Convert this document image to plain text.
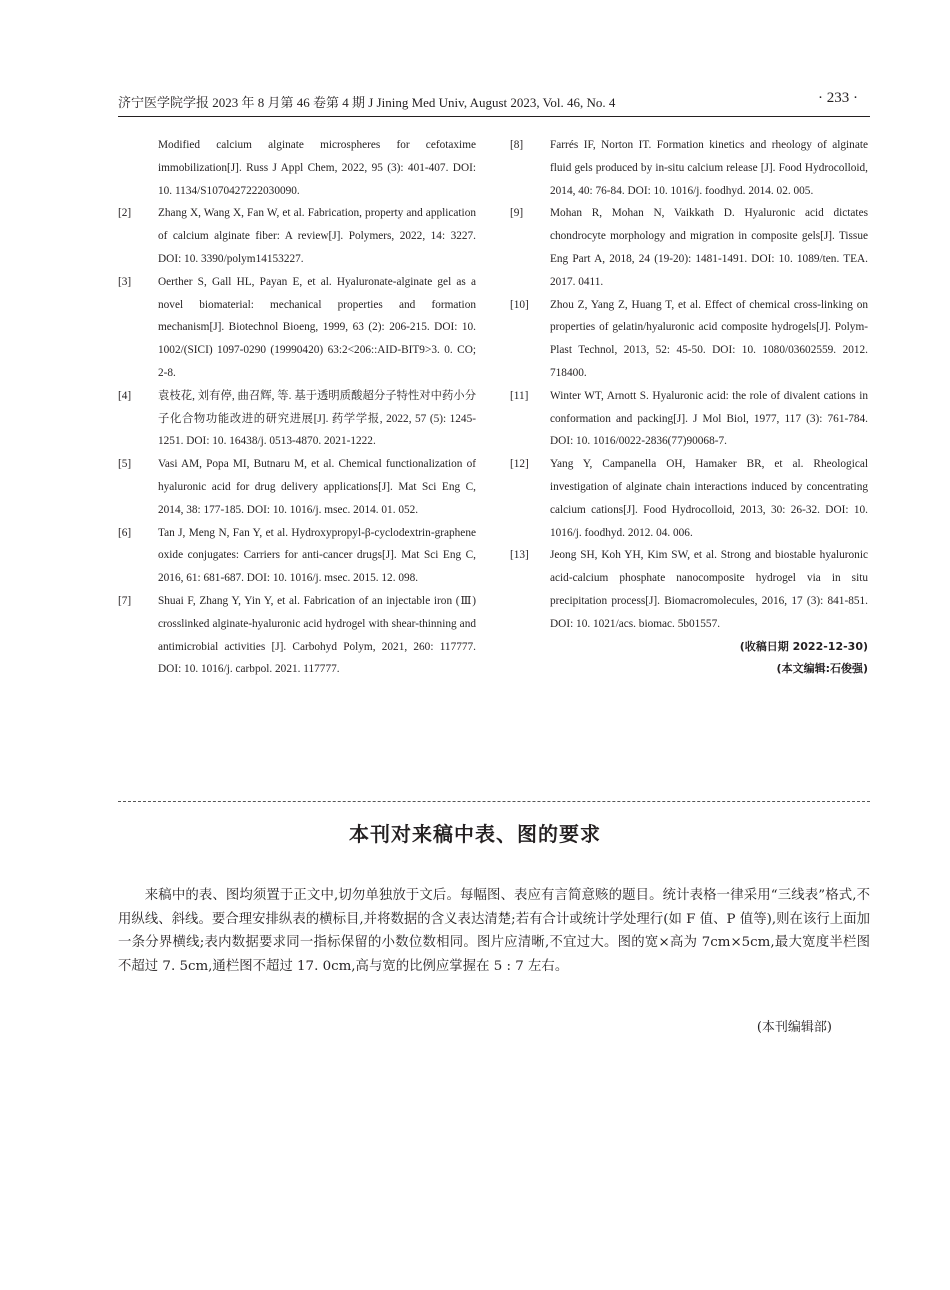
济宁医学院学报 2023 年 8 月第 46 卷第 4 期 J Jining Med Univ, August 2023, Vol. 46, No. 4	· 233 ·
Modified calcium alginate microspheres for cefotaxime immobilization[J]. Russ J Appl Chem, 2022, 95 (3): 401-407. DOI: 10. 1134/S1070427222030090.
[2] Zhang X, Wang X, Fan W, et al. Fabrication, property and application of calcium alginate fiber: A review[J]. Polymers, 2022, 14: 3227. DOI: 10. 3390/polym14153227.
[3] Oerther S, Gall HL, Payan E, et al. Hyaluronate-alginate gel as a novel biomaterial: mechanical properties and formation mechanism[J]. Biotechnol Bioeng, 1999, 63 (2): 206-215. DOI: 10. 1002/(SICI) 1097-0290 (19990420) 63:2<206::AID-BIT9>3. 0. CO; 2-8.
[4] 袁枝花, 刘有停, 曲召辉, 等. 基于透明质酸超分子特性对中药小分子化合物功能改进的研究进展[J]. 药学学报, 2022, 57 (5): 1245-1251. DOI: 10. 16438/j. 0513-4870. 2021-1222.
[5] Vasi AM, Popa MI, Butnaru M, et al. Chemical functionalization of hyaluronic acid for drug delivery applications[J]. Mat Sci Eng C, 2014, 38: 177-185. DOI: 10. 1016/j. msec. 2014. 01. 052.
[6] Tan J, Meng N, Fan Y, et al. Hydroxypropyl-β-cyclodextrin-graphene oxide conjugates: Carriers for anti-cancer drugs[J]. Mat Sci Eng C, 2016, 61: 681-687. DOI: 10. 1016/j. msec. 2015. 12. 098.
[7] Shuai F, Zhang Y, Yin Y, et al. Fabrication of an injectable iron (Ⅲ) crosslinked alginate-hyaluronic acid hydrogel with shear-thinning and antimicrobial activities [J]. Carbohyd Polym, 2021, 260: 117777. DOI: 10. 1016/j. carbpol. 2021. 117777.
[8] Farrés IF, Norton IT. Formation kinetics and rheology of alginate fluid gels produced by in-situ calcium release [J]. Food Hydrocolloid, 2014, 40: 76-84. DOI: 10. 1016/j. foodhyd. 2014. 02. 005.
[9] Mohan R, Mohan N, Vaikkath D. Hyaluronic acid dictates chondrocyte morphology and migration in composite gels[J]. Tissue Eng Part A, 2018, 24 (19-20): 1481-1491. DOI: 10. 1089/ten. TEA. 2017. 0411.
[10] Zhou Z, Yang Z, Huang T, et al. Effect of chemical cross-linking on properties of gelatin/hyaluronic acid composite hydrogels[J]. Polym-Plast Technol, 2013, 52: 45-50. DOI: 10. 1080/03602559. 2012. 718400.
[11] Winter WT, Arnott S. Hyaluronic acid: the role of divalent cations in conformation and packing[J]. J Mol Biol, 1977, 117 (3): 761-784. DOI: 10. 1016/0022-2836(77)90068-7.
[12] Yang Y, Campanella OH, Hamaker BR, et al. Rheological investigation of alginate chain interactions induced by concentrating calcium cations[J]. Food Hydrocolloid, 2013, 30: 26-32. DOI: 10. 1016/j. foodhyd. 2012. 04. 006.
[13] Jeong SH, Koh YH, Kim SW, et al. Strong and biostable hyaluronic acid-calcium phosphate nanocomposite hydrogel via in situ precipitation process[J]. Biomacromolecules, 2016, 17 (3): 841-851. DOI: 10. 1021/acs. biomac. 5b01557.
(收稿日期 2022-12-30)
(本文编辑:石俊强)
本刊对来稿中表、图的要求
来稿中的表、图均须置于正文中,切勿单独放于文后。每幅图、表应有言简意赅的题目。统计表格一律采用“三线表”格式,不用纵线、斜线。要合理安排纵表的横标目,并将数据的含义表达清楚;若有合计或统计学处理行(如 F 值、P 值等),则在该行上面加一条分界横线;表内数据要求同一指标保留的小数位数相同。图片应清晰,不宜过大。图的宽×高为 7cm×5cm,最大宽度半栏图不超过 7. 5cm,通栏图不超过 17. 0cm,高与宽的比例应掌握在 5 : 7 左右。
(本刊编辑部)
